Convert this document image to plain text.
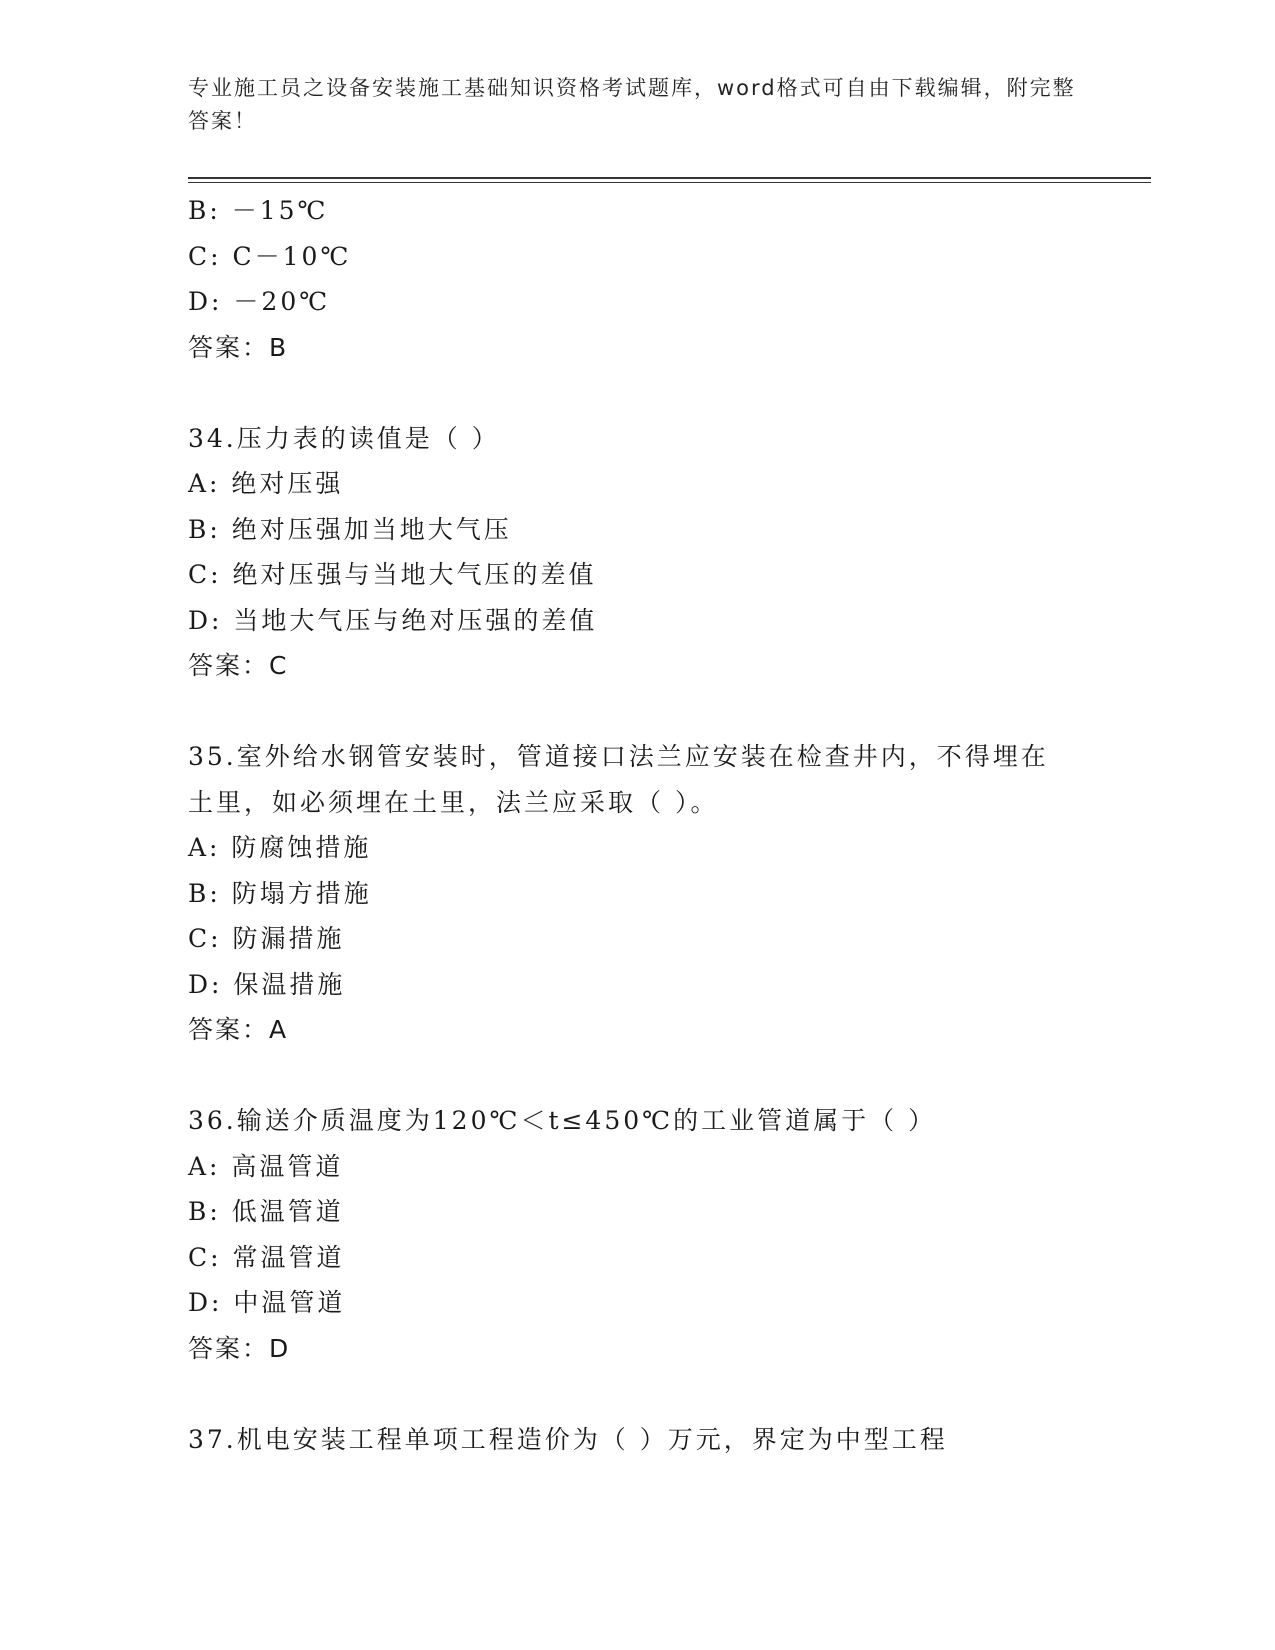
专业施工员之设备安装施工基础知识资格考试题库，word格式可自由下载编辑，附完整答案！
B: －15℃
C: C－10℃
D: －20℃
答案：B
34.压力表的读值是（ ）
A: 绝对压强
B: 绝对压强加当地大气压
C: 绝对压强与当地大气压的差值
D: 当地大气压与绝对压强的差值
答案：C
35.室外给水钢管安装时，管道接口法兰应安装在检查井内，不得埋在土里，如必须埋在土里，法兰应采取（ ）。
A: 防腐蚀措施
B: 防塌方措施
C: 防漏措施
D: 保温措施
答案：A
36.输送介质温度为120℃＜t≤450℃的工业管道属于（ ）
A: 高温管道
B: 低温管道
C: 常温管道
D: 中温管道
答案：D
37.机电安装工程单项工程造价为（ ）万元，界定为中型工程
